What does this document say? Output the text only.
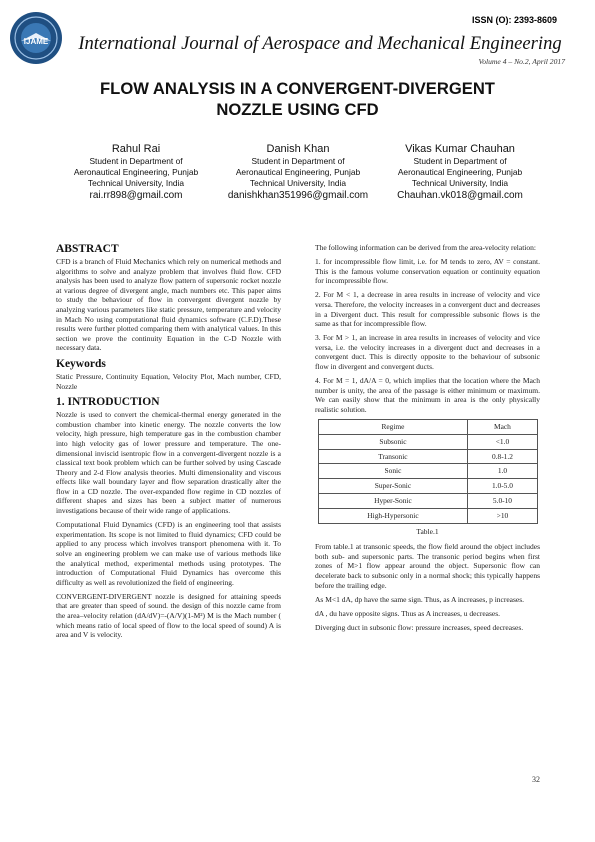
IJAME
ISSN (O): 2393-8609
International Journal of Aerospace and Mechanical Engineering
Volume 4 – No.2, April 2017
FLOW ANALYSIS IN A CONVERGENT-DIVERGENT
NOZZLE USING CFD
Rahul Rai
Student in Department of
Aeronautical Engineering, Punjab
Technical University, India
rai.rr898@gmail.com
Danish Khan
Student in Department of
Aeronautical Engineering, Punjab
Technical University, India
danishkhan351996@gmail.com
Vikas Kumar Chauhan
Student in Department of
Aeronautical Engineering, Punjab
Technical University, India
Chauhan.vk018@gmail.com
ABSTRACT

CFD is a branch of Fluid Mechanics which rely on numerical methods and algorithms to solve and analyze problem that involves fluid flow. CFD analysis has been used to analyze flow pattern of supersonic rocket nozzle at various degree of divergent angle, mach numbers etc. This paper aims to study the behaviour of flow in convergent divergent nozzle by analyzing various parameters like static pressure, temperature and velocity in Mach No using computational fluid dynamics software (C.F.D).These results were further plotted comparing them with analytical values. In this section we prove the continuity Equation in the C-D Nozzle with necessary data.

Keywords

Static Pressure, Continuity Equation, Velocity Plot, Mach number, CFD, Nozzle

1. INTRODUCTION

Nozzle is used to convert the chemical-thermal energy generated in the combustion chamber into kinetic energy. The nozzle converts the low velocity, high pressure, high temperature gas in the combustion chamber into high velocity gas of lower pressure and temperature. The one-dimensional inviscid isentropic flow in a convergent-divergent nozzle is a classical text book problem which can be further solved by using Cascade Theory and 2-d Flow analysis theories. Multi dimensionality and viscous effects like wall boundary layer and flow separation drastically alter the flow in a CD nozzle. The over-expanded flow regime in CD nozzles of different shapes and sizes has been a subject matter of numerous investigations because of their wide range of applications.

Computational Fluid Dynamics (CFD) is an engineering tool that assists experimentation. Its scope is not limited to fluid dynamics; CFD could be applied to any process which involves transport phenomena with it. To solve an engineering problem we can make use of various methods like the analytical method, experimental methods using prototypes. The introduction of Computational Fluid Dynamics has overcome this difficulty as well as revolutionized the field of engineering.

CONVERGENT-DIVERGENT nozzle is designed for attaining speeds that are greater than speed of sound. the design of this nozzle came from the area–velocity relation (dA/dV)=-(A/V)(1-M²) M is the Mach number ( which means ratio of local speed of flow to the local speed of sound) A is area and V is velocity.

The following information can be derived from the area-velocity relation:

1. for incompressible flow limit, i.e. for M tends to zero, AV = constant. This is the famous volume conservation equation or continuity equation for incompressible flow.

2. For M < 1, a decrease in area results in increase of velocity and vice versa. Therefore, the velocity increases in a convergent duct and decreases in a Divergent duct. This result for compressible subsonic flows is the same as that for incompressible flow.

3. For M > 1, an increase in area results in increases of velocity and vice versa, i.e. the velocity increases in a divergent duct and decreases in a convergent duct. This is directly opposite to the behaviour of subsonic flow in divergent and convergent ducts.

4. For M = 1, dA/A = 0, which implies that the location where the Mach number is unity, the area of the passage is either minimum or maximum. We can easily show that the minimum in area is the only physically realistic solution.

Regime	Mach
Subsonic	<1.0
Transonic	0.8-1.2
Sonic	1.0
Super-Sonic	1.0-5.0
Hyper-Sonic	5.0-10
High-Hypersonic	>10
Table.1

From table.1 at transonic speeds, the flow field around the object includes both sub- and supersonic parts. The transonic period begins when first zones of M>1 flow appear around the object. Supersonic flow can decelerate back to subsonic only in a normal shock; this typically happens before the trailing edge.

As M<1 dA, dp have the same sign. Thus, as A increases, p increases.

dA , du have opposite signs. Thus as A increases, u decreases.

Diverging duct in subsonic flow: pressure increases, speed decreases.

32
